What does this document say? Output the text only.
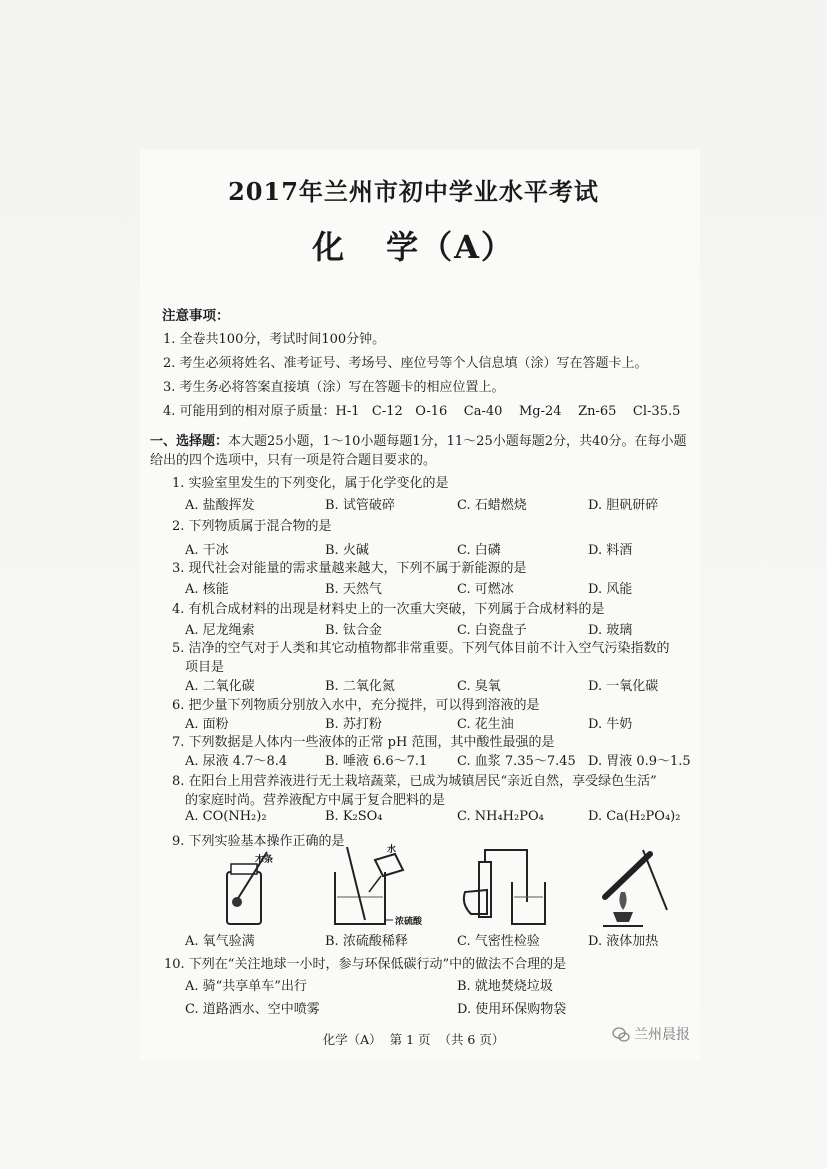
2017年兰州市初中学业水平考试
化 学（A）
注意事项：
1. 全卷共100分，考试时间100分钟。
2. 考生必须将姓名、准考证号、考场号、座位号等个人信息填（涂）写在答题卡上。
3. 考生务必将答案直接填（涂）写在答题卡的相应位置上。
4. 可能用到的相对原子质量：H-1   C-12   O-16    Ca-40    Mg-24    Zn-65    Cl-35.5
一、选择题：本大题25小题，1～10小题每题1分，11～25小题每题2分，共40分。在每小题给出的四个选项中，只有一项是符合题目要求的。
1. 实验室里发生的下列变化，属于化学变化的是
A. 盐酸挥发	B. 试管破碎	C. 石蜡燃烧	D. 胆矾研碎
2. 下列物质属于混合物的是
A. 干冰	B. 火碱	C. 白磷	D. 料酒
3. 现代社会对能量的需求量越来越大，下列不属于新能源的是
A. 核能	B. 天然气	C. 可燃冰	D. 风能
4. 有机合成材料的出现是材料史上的一次重大突破，下列属于合成材料的是
A. 尼龙绳索	B. 钛合金	C. 白瓷盘子	D. 玻璃
5. 洁净的空气对于人类和其它动植物都非常重要。下列气体目前不计入空气污染指数的
项目是
A. 二氧化碳	B. 二氧化氮	C. 臭氧	D. 一氧化碳
6. 把少量下列物质分别放入水中，充分搅拌，可以得到溶液的是
A. 面粉	B. 苏打粉	C. 花生油	D. 牛奶
7. 下列数据是人体内一些液体的正常 pH 范围，其中酸性最强的是
A. 尿液 4.7～8.4	B. 唾液 6.6～7.1 C. 血浆 7.35～7.45 D. 胃液 0.9～1.5
8. 在阳台上用营养液进行无土栽培蔬菜，已成为城镇居民“亲近自然，享受绿色生活”
的家庭时尚。营养液配方中属于复合肥料的是
A. CO(NH₂)₂	B. K₂SO₄	C. NH₄H₂PO₄	D. Ca(H₂PO₄)₂
9. 下列实验基本操作正确的是
木条
水
浓硫酸
A. 氧气验满	B. 浓硫酸稀释	C. 气密性检验	D. 液体加热
10. 下列在“关注地球一小时，参与环保低碳行动”中的做法不合理的是
A. 骑“共享单车”出行	B. 就地焚烧垃圾
C. 道路洒水、空中喷雾	D. 使用环保购物袋
化学（A）  第 1 页  （共 6 页）	兰州晨报
